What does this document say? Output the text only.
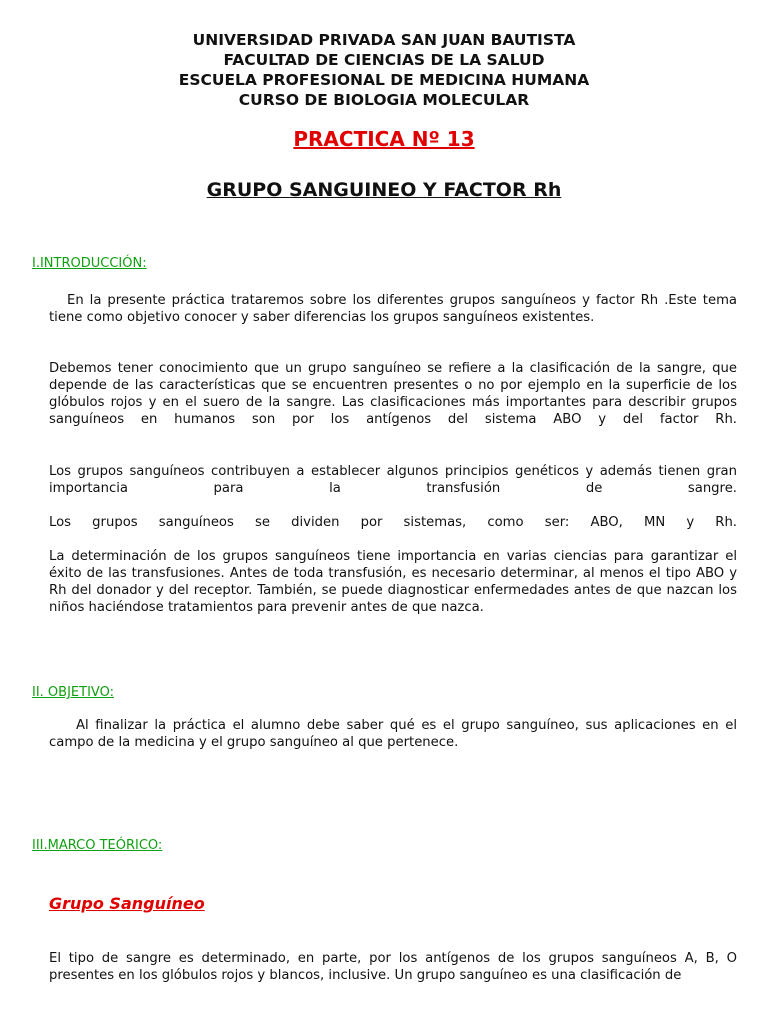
UNIVERSIDAD PRIVADA SAN JUAN BAUTISTA
FACULTAD DE CIENCIAS DE LA SALUD
ESCUELA PROFESIONAL DE MEDICINA HUMANA
CURSO DE BIOLOGIA MOLECULAR
PRACTICA Nº 13
GRUPO SANGUINEO Y FACTOR Rh
I.INTRODUCCIÓN:
En la presente práctica trataremos sobre los diferentes grupos sanguíneos y factor Rh .Este tema tiene como objetivo conocer y saber diferencias los grupos sanguíneos existentes.
Debemos tener conocimiento que un grupo sanguíneo se refiere a la clasificación de la sangre, que depende de las características que se encuentren presentes o no por ejemplo en la superficie de los glóbulos rojos y en el suero de la sangre. Las clasificaciones más importantes para describir grupos sanguíneos en humanos son por los antígenos del sistema ABO y del factor Rh.
Los grupos sanguíneos contribuyen a establecer algunos principios genéticos y además tienen gran importancia para la transfusión de sangre.
Los grupos sanguíneos se dividen por sistemas, como ser: ABO, MN y Rh.
La determinación de los grupos sanguíneos tiene importancia en varias ciencias para garantizar el éxito de las transfusiones. Antes de toda transfusión, es necesario determinar, al menos el tipo ABO y Rh del donador y del receptor. También, se puede diagnosticar enfermedades antes de que nazcan los niños haciéndose tratamientos para prevenir antes de que nazca.
II. OBJETIVO:
Al finalizar la práctica el alumno debe saber qué es el grupo sanguíneo, sus aplicaciones en el campo de la medicina y el grupo sanguíneo al que pertenece.
III.MARCO TEÓRICO:
Grupo Sanguíneo
El tipo de sangre es determinado, en parte, por los antígenos de los grupos sanguíneos A, B, O presentes en los glóbulos rojos y blancos, inclusive. Un grupo sanguíneo es una clasificación de
